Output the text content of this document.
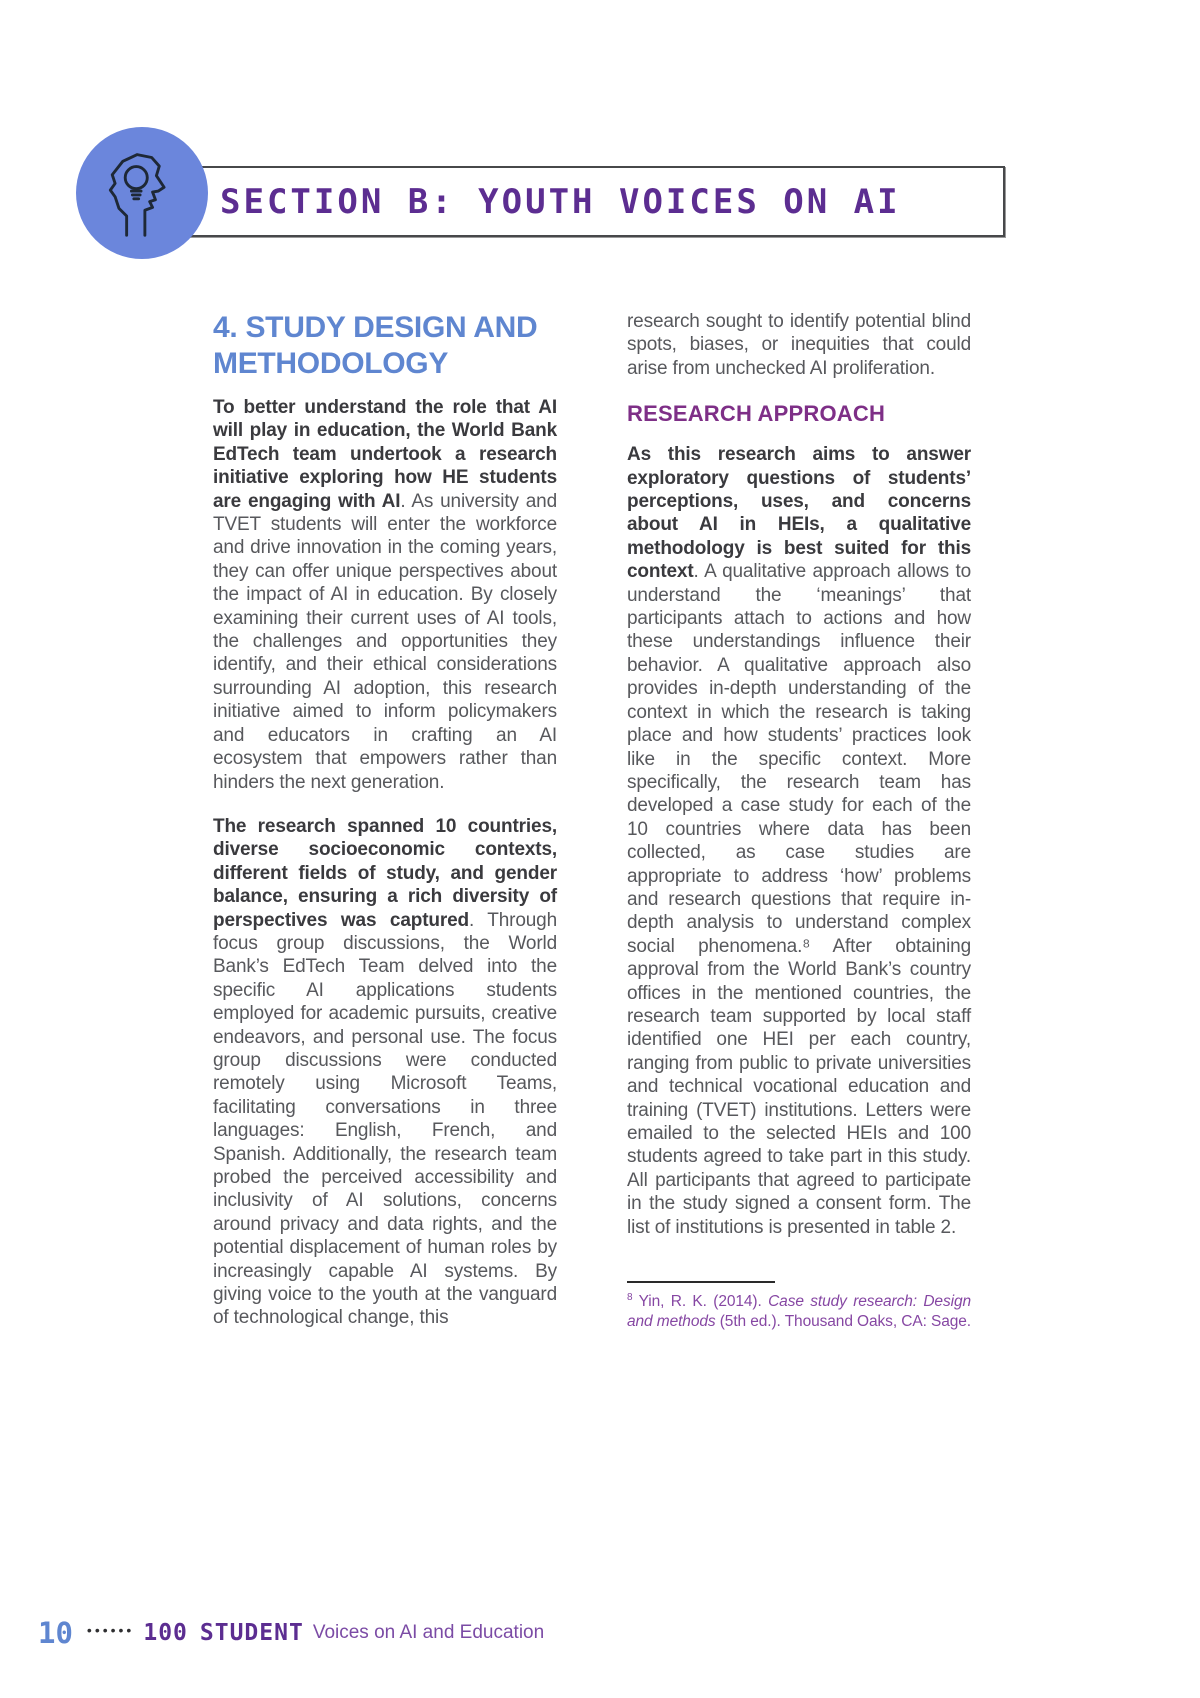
SECTION B: YOUTH VOICES ON AI
4. STUDY DESIGN AND METHODOLOGY

To better understand the role that AI will play in education, the World Bank EdTech team undertook a research initiative exploring how HE students are engaging with AI. As university and TVET students will enter the workforce and drive innovation in the coming years, they can offer unique perspectives about the impact of AI in education. By closely examining their current uses of AI tools, the challenges and opportunities they identify, and their ethical considerations surrounding AI adoption, this research initiative aimed to inform policymakers and educators in crafting an AI ecosystem that empowers rather than hinders the next generation.

The research spanned 10 countries, diverse socioeconomic contexts, different fields of study, and gender balance, ensuring a rich diversity of perspectives was captured. Through focus group discussions, the World Bank’s EdTech Team delved into the specific AI applications students employed for academic pursuits, creative endeavors, and personal use. The focus group discussions were conducted remotely using Microsoft Teams, facilitating conversations in three languages: English, French, and Spanish. Additionally, the research team probed the perceived accessibility and inclusivity of AI solutions, concerns around privacy and data rights, and the potential displacement of human roles by increasingly capable AI systems. By giving voice to the youth at the vanguard of technological change, this

research sought to identify potential blind spots, biases, or inequities that could arise from unchecked AI proliferation.

RESEARCH APPROACH

As this research aims to answer exploratory questions of students’ perceptions, uses, and concerns about AI in HEIs, a qualitative methodology is best suited for this context. A qualitative approach allows to understand the ‘meanings’ that participants attach to actions and how these understandings influence their behavior. A qualitative approach also provides in-depth understanding of the context in which the research is taking place and how students’ practices look like in the specific context. More specifically, the research team has developed a case study for each of the 10 countries where data has been collected, as case studies are appropriate to address ‘how’ problems and research questions that require in-depth analysis to understand complex social phenomena.⁸ After obtaining approval from the World Bank’s country offices in the mentioned countries, the research team supported by local staff identified one HEI per each country, ranging from public to private universities and technical vocational education and training (TVET) institutions. Letters were emailed to the selected HEIs and 100 students agreed to take part in this study. All participants that agreed to participate in the study signed a consent form. The list of institutions is presented in table 2.

$^8$ Yin, R. K. (2014). Case study research: Design and methods (5th ed.). Thousand Oaks, CA: Sage.

10 •••••• 100 STUDENT Voices on AI and Education
